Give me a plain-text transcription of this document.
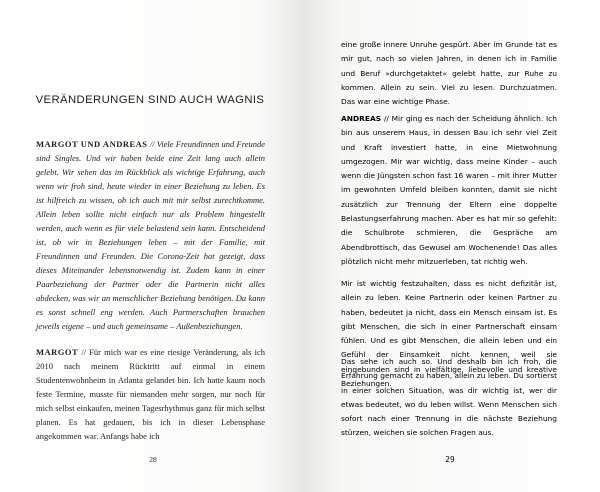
VERÄNDERUNGEN SIND AUCH WAGNIS

MARGOT UND ANDREAS // Viele Freundinnen und Freunde sind Singles. Und wir haben beide eine Zeit lang auch allein gelebt. Wir sehen das im Rückblick als wichtige Erfahrung, auch wenn wir froh sind, heute wieder in einer Beziehung zu leben. Es ist hilfreich zu wissen, ob ich auch mit mir selbst zurechtkomme. Allein leben sollte nicht einfach nur als Problem hingestellt werden, auch wenn es für viele belastend sein kann. Entscheidend ist, ob wir in Beziehungen leben – mit der Familie, mit Freundinnen und Freunden. Die Corona-Zeit hat gezeigt, dass dieses Miteinander lebensnotwendig ist. Zudem kann in einer Paarbeziehung der Partner oder die Partnerin nicht alles abdecken, was wir an menschlicher Beziehung benötigen. Da kann es sonst schnell eng werden. Auch Partnerschaften brauchen jeweils eigene – und auch gemeinsame – Außenbeziehungen.

MARGOT // Für mich war es eine riesige Veränderung, als ich 2010 nach meinem Rücktritt auf einmal in einem Studentenwohnheim in Atlanta gelandet bin. Ich hatte kaum noch feste Termine, musste für niemanden mehr sorgen, nur noch für mich selbst einkaufen, meinen Tagesrhythmus ganz für mich selbst planen. Es hat gedauert, bis ich in dieser Lebensphase angekommen war. Anfangs habe ich

28

eine große innere Unruhe gespürt. Aber im Grunde tat es mir gut, nach so vielen Jahren, in denen ich in Familie und Beruf »durchgetaktet« gelebt hatte, zur Ruhe zu kommen. Allein zu sein. Viel zu lesen. Durchzuatmen. Das war eine wichtige Phase.

ANDREAS // Mir ging es nach der Scheidung ähnlich. Ich bin aus unserem Haus, in dessen Bau ich sehr viel Zeit und Kraft investiert hatte, in eine Mietwohnung umgezogen. Mir war wichtig, dass meine Kinder – auch wenn die Jüngsten schon fast 16 waren – mit ihrer Mutter im gewohnten Umfeld bleiben konnten, damit sie nicht zusätzlich zur Trennung der Eltern eine doppelte Belastungserfahrung machen. Aber es hat mir so gefehlt: die Schulbrote schmieren, die Gespräche am Abendbrottisch, das Gewusel am Wochenende! Das alles plötzlich nicht mehr mitzuerleben, tat richtig weh.

Mir ist wichtig festzuhalten, dass es nicht defizitär ist, allein zu leben. Keine Partnerin oder keinen Partner zu haben, bedeutet ja nicht, dass ein Mensch einsam ist. Es gibt Menschen, die sich in einer Partnerschaft einsam fühlen. Und es gibt Menschen, die allein leben und ein Gefühl der Einsamkeit nicht kennen, weil sie eingebunden sind in vielfältige, liebevolle und kreative Beziehungen.

Das sehe ich auch so. Und deshalb bin ich froh, die Erfahrung gemacht zu haben, allein zu leben. Du sortierst in einer solchen Situation, was dir wichtig ist, wer dir etwas bedeutet, wo du leben willst. Wenn Menschen sich sofort nach einer Trennung in die nächste Beziehung stürzen, weichen sie solchen Fragen aus.

29
